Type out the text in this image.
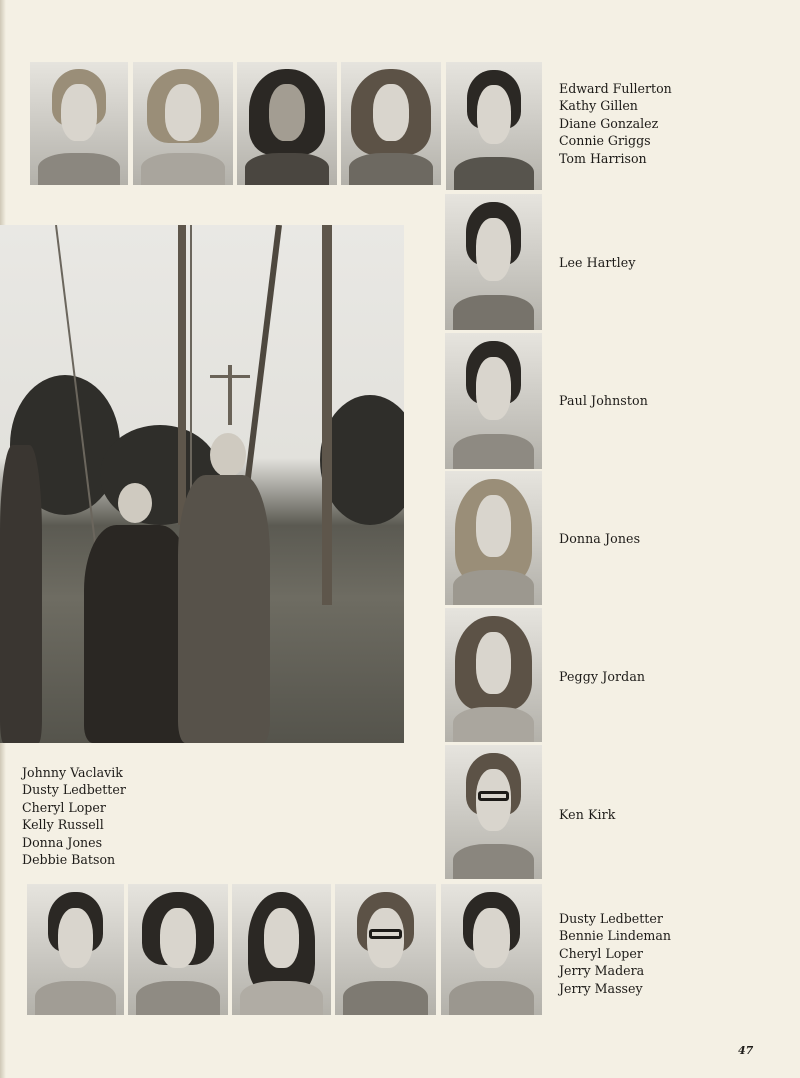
Edward Fullerton
Kathy Gillen
Diane Gonzalez
Connie Griggs
Tom Harrison
Lee Hartley
Paul Johnston
Donna Jones
Peggy Jordan
Ken Kirk
Johnny Vaclavik
Dusty Ledbetter
Cheryl Loper
Kelly Russell
Donna Jones
Debbie Batson
Dusty Ledbetter
Bennie Lindeman
Cheryl Loper
Jerry Madera
Jerry Massey
47
